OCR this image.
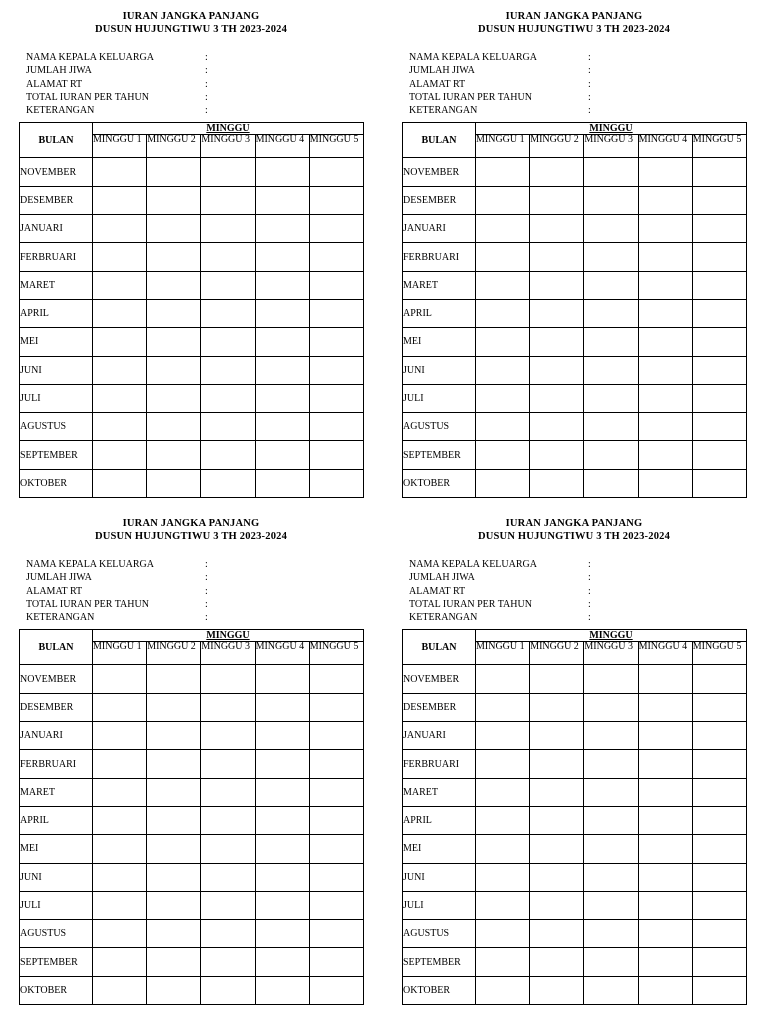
IURAN JANGKA PANJANG
DUSUN HUJUNGTIWU 3 TH 2023-2024
NAMA KEPALA KELUARGA	:
JUMLAH JIWA	:
ALAMAT RT	:
TOTAL IURAN PER TAHUN	:
KETERANGAN	:
BULAN	MINGGU				
	MINGGU 1	MINGGU 2	MINGGU 3	MINGGU 4	MINGGU 5
NOVEMBER					
DESEMBER					
JANUARI					
FERBRUARI					
MARET					
APRIL					
MEI					
JUNI					
JULI					
AGUSTUS					
SEPTEMBER					
OKTOBER					
IURAN JANGKA PANJANG
DUSUN HUJUNGTIWU 3 TH 2023-2024
NAMA KEPALA KELUARGA	:
JUMLAH JIWA	:
ALAMAT RT	:
TOTAL IURAN PER TAHUN	:
KETERANGAN	:
BULAN	MINGGU				
	MINGGU 1	MINGGU 2	MINGGU 3	MINGGU 4	MINGGU 5
NOVEMBER					
DESEMBER					
JANUARI					
FERBRUARI					
MARET					
APRIL					
MEI					
JUNI					
JULI					
AGUSTUS					
SEPTEMBER					
OKTOBER					
IURAN JANGKA PANJANG
DUSUN HUJUNGTIWU 3 TH 2023-2024
NAMA KEPALA KELUARGA	:
JUMLAH JIWA	:
ALAMAT RT	:
TOTAL IURAN PER TAHUN	:
KETERANGAN	:
BULAN	MINGGU				
	MINGGU 1	MINGGU 2	MINGGU 3	MINGGU 4	MINGGU 5
NOVEMBER					
DESEMBER					
JANUARI					
FERBRUARI					
MARET					
APRIL					
MEI					
JUNI					
JULI					
AGUSTUS					
SEPTEMBER					
OKTOBER					
IURAN JANGKA PANJANG
DUSUN HUJUNGTIWU 3 TH 2023-2024
NAMA KEPALA KELUARGA	:
JUMLAH JIWA	:
ALAMAT RT	:
TOTAL IURAN PER TAHUN	:
KETERANGAN	:
BULAN	MINGGU				
	MINGGU 1	MINGGU 2	MINGGU 3	MINGGU 4	MINGGU 5
NOVEMBER					
DESEMBER					
JANUARI					
FERBRUARI					
MARET					
APRIL					
MEI					
JUNI					
JULI					
AGUSTUS					
SEPTEMBER					
OKTOBER					
